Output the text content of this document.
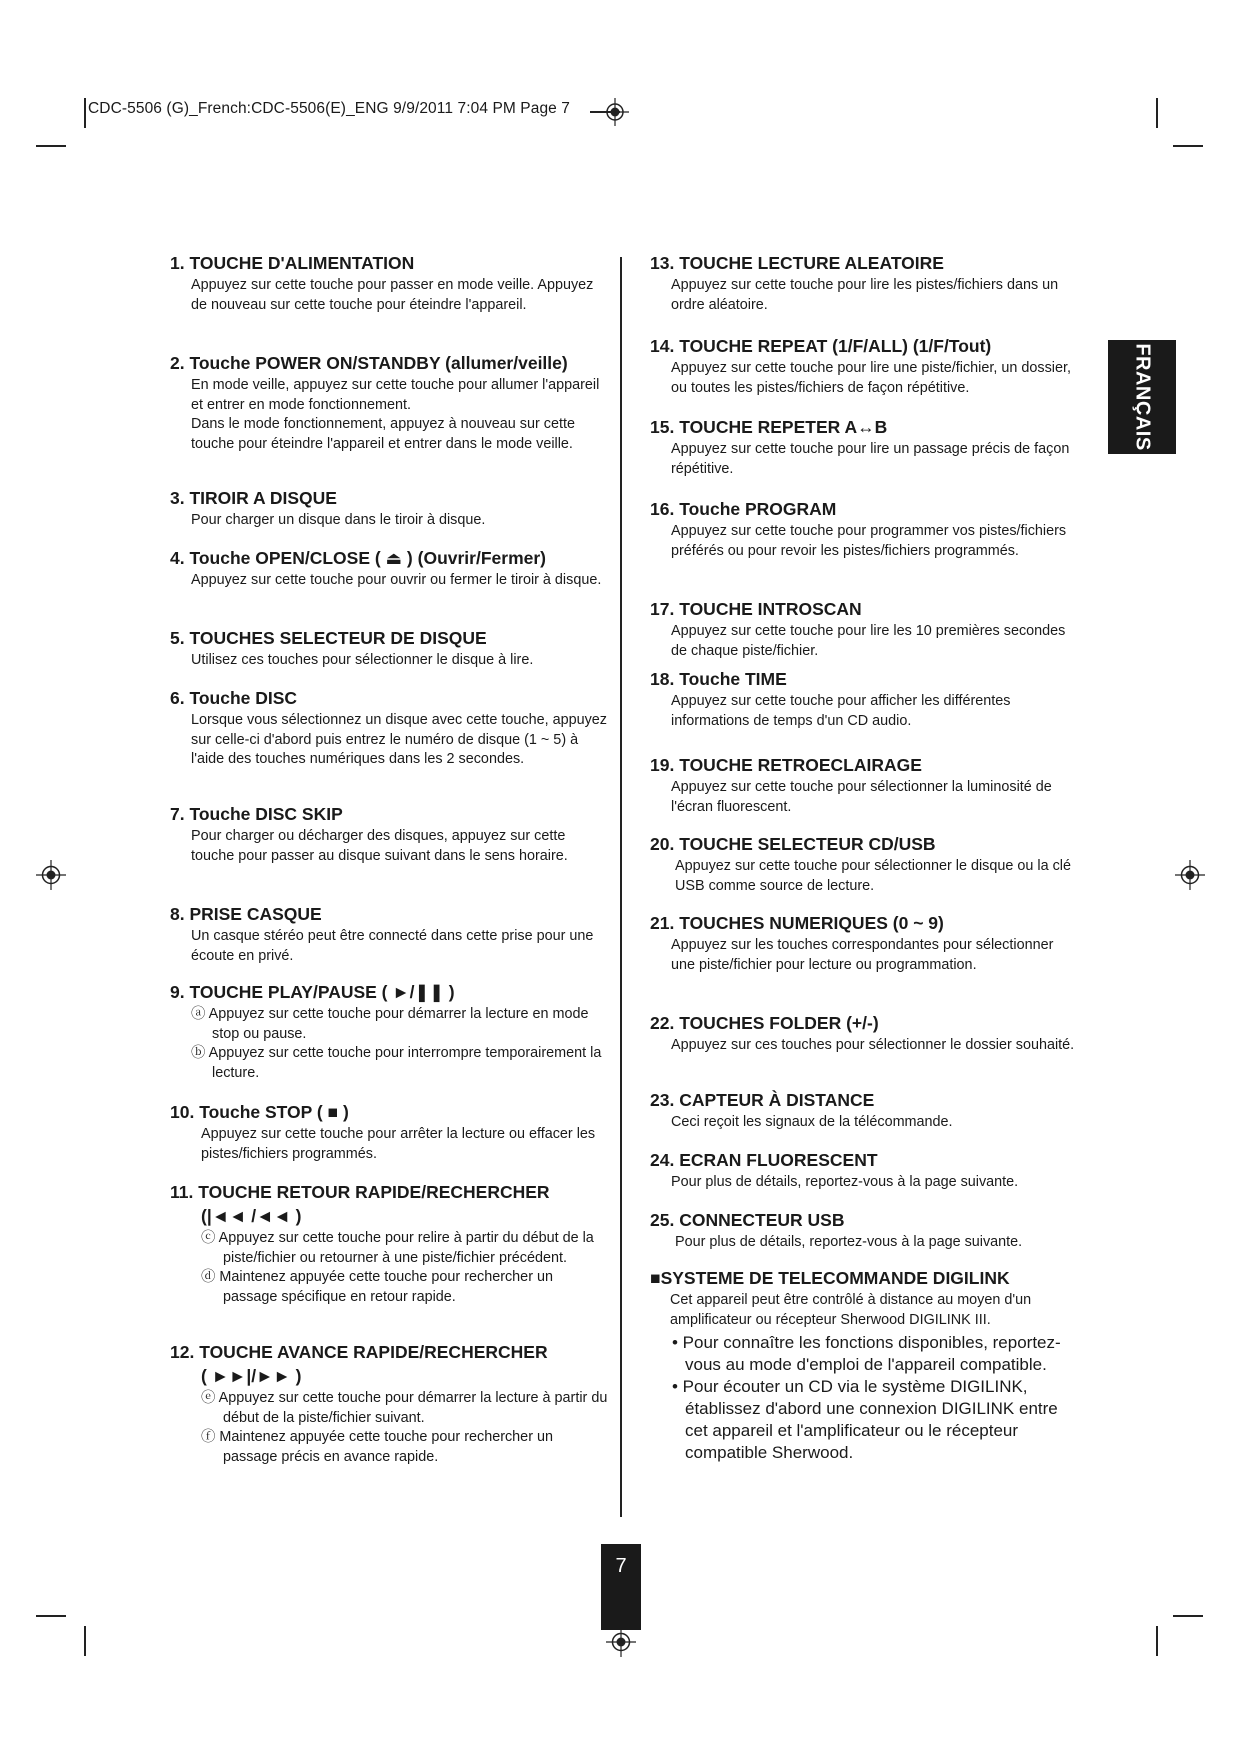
CDC-5506 (G)_French:CDC-5506(E)_ENG 9/9/2011 7:04 PM Page 7
1. TOUCHE D'ALIMENTATION

Appuyez sur cette touche pour passer en mode veille. Appuyez de nouveau sur cette touche pour éteindre l'appareil.

2. Touche POWER ON/STANDBY (allumer/veille)

En mode veille, appuyez sur cette touche pour allumer l'appareil et entrer en mode fonctionnement.

Dans le mode fonctionnement, appuyez à nouveau sur cette touche pour éteindre l'appareil et entrer dans le mode veille.

3. TIROIR A DISQUE

Pour charger un disque dans le tiroir à disque.

4. Touche OPEN/CLOSE ( ⏏ ) (Ouvrir/Fermer)

Appuyez sur cette touche pour ouvrir ou fermer le tiroir à disque.

5. TOUCHES SELECTEUR DE DISQUE

Utilisez ces touches pour sélectionner le disque à lire.

6. Touche DISC

Lorsque vous sélectionnez un disque avec cette touche, appuyez sur celle-ci d'abord puis entrez le numéro de disque (1 ~ 5) à l'aide des touches numériques dans les 2 secondes.

7. Touche DISC SKIP

Pour charger ou décharger des disques, appuyez sur cette touche pour passer au disque suivant dans le sens horaire.

8. PRISE CASQUE

Un casque stéréo peut être connecté dans cette prise pour une écoute en privé.

9. TOUCHE PLAY/PAUSE ( ►/❚❚ )

ⓐ Appuyez sur cette touche pour démarrer la lecture en mode stop ou pause.

ⓑ Appuyez sur cette touche pour interrompre temporairement la lecture.

10. Touche STOP ( ■ )

Appuyez sur cette touche pour arrêter la lecture ou effacer les pistes/fichiers programmés.

11. TOUCHE RETOUR RAPIDE/RECHERCHER
(|◄◄ /◄◄ )

ⓒ Appuyez sur cette touche pour relire à partir du début de la piste/fichier ou retourner à une piste/fichier précédent.

ⓓ Maintenez appuyée cette touche pour rechercher un passage spécifique en retour rapide.

12. TOUCHE AVANCE RAPIDE/RECHERCHER
( ►►|/►► )

ⓔ Appuyez sur cette touche pour démarrer la lecture à partir du début de la piste/fichier suivant.

ⓕ Maintenez appuyée cette touche pour rechercher un passage précis en avance rapide.

13. TOUCHE LECTURE ALEATOIRE

Appuyez sur cette touche pour lire les pistes/fichiers dans un ordre aléatoire.

14. TOUCHE REPEAT (1/F/ALL) (1/F/Tout)

Appuyez sur cette touche pour lire une piste/fichier, un dossier, ou toutes les pistes/fichiers de façon répétitive.

15. TOUCHE REPETER A↔B

Appuyez sur cette touche pour lire un passage précis de façon répétitive.

16. Touche PROGRAM

Appuyez sur cette touche pour programmer vos pistes/fichiers préférés ou pour revoir les pistes/fichiers programmés.

17. TOUCHE INTROSCAN

Appuyez sur cette touche pour lire les 10 premières secondes de chaque piste/fichier.

18. Touche TIME

Appuyez sur cette touche pour afficher les différentes informations de temps d'un CD audio.

19. TOUCHE RETROECLAIRAGE

Appuyez sur cette touche pour sélectionner la luminosité de l'écran fluorescent.

20. TOUCHE SELECTEUR CD/USB

Appuyez sur cette touche pour sélectionner le disque ou la clé USB comme source de lecture.

21. TOUCHES NUMERIQUES (0 ~ 9)

Appuyez sur les touches correspondantes pour sélectionner une piste/fichier pour lecture ou programmation.

22. TOUCHES FOLDER (+/-)

Appuyez sur ces touches pour sélectionner le dossier souhaité.

23. CAPTEUR À DISTANCE

Ceci reçoit les signaux de la télécommande.

24. ECRAN FLUORESCENT

Pour plus de détails, reportez-vous à la page suivante.

25. CONNECTEUR USB

Pour plus de détails, reportez-vous à la page suivante.

■SYSTEME DE TELECOMMANDE DIGILINK

Cet appareil peut être contrôlé à distance au moyen d'un amplificateur ou récepteur Sherwood DIGILINK III.

• Pour connaître les fonctions disponibles, reportez-vous au mode d'emploi de l'appareil compatible.
• Pour écouter un CD via le système DIGILINK, établissez d'abord une connexion DIGILINK entre cet appareil et l'amplificateur ou le récepteur compatible Sherwood.
FRANÇAIS
7
